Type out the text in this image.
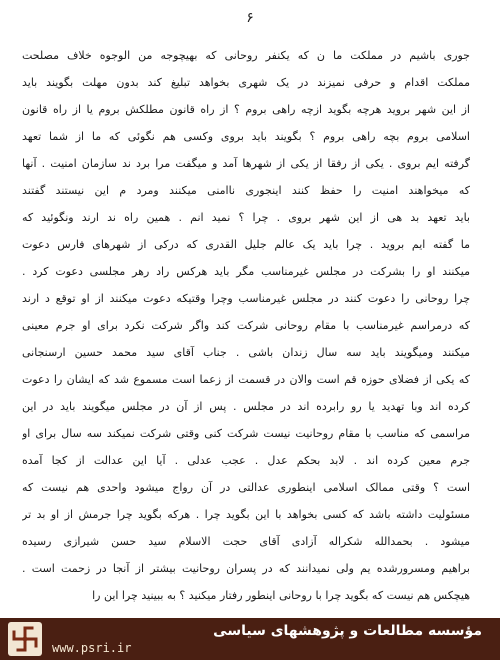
۶
جوری باشیم در مملکت ما ن که یکنفر روحانی که بهیچوجه من الوجوه خلاف مصلحت
مملکت اقدام و حرفی نمیزند در یک شهری بخواهد تبلیغ کند بدون مهلت بگویند باید
از این شهر بروید هرچه بگوید ازچه راهی بروم ؟ از راه قانون مطلکش بروم یا از راه قانون
اسلامی بروم بچه راهی بروم ؟ بگویند باید بروی وکسی هم نگوئی که ما از شما تعهد
گرفته ایم بروی . یکی از رفقا از یکی از شهرها آمد و میگفت مرا برد ند سازمان امنیت . آنها
که میخواهند امنیت را حفظ کنند اینجوری ناامنی میکنند ومرد م این نیستند گفتند
باید تعهد بد هی از این شهر بروی . چرا ؟ نمید انم . همین راه ند ارند ونگوئید که
ما گفته ایم بروید . چرا باید یک عالم جلیل القدری که درکی از شهرهای فارس دعوت
میکنند او را بشرکت در مجلس غیرمناسب مگر باید هرکس راد رهر مجلسی دعوت کرد .
چرا روحانی را دعوت کنند در مجلس غیرمناسب وچرا وقتیکه دعوت میکنند از او توقع د ارند
که درمراسم غیرمناسب با مقام روحانی شرکت کند واگر شرکت نکرد برای او جرم معینی
میکنند ومیگویند باید سه سال زندان باشی . جناب آقای سید محمد حسین ارسنجانی
که یکی از فضلای حوزه قم است والان در قسمت از زعما است مسموع شد که ایشان را دعوت
کرده اند وبا تهدید یا رو رابرده اند در مجلس . پس از آن در مجلس میگویند باید در این
مراسمی که مناسب با مقام روحانیت نیست شرکت کنی وقتی شرکت نمیکند سه سال برای او
جرم معین کرده اند . لابد بحکم عدل . عجب عدلی . آیا این عدالت از کجا آمده
است ؟ وقتی ممالک اسلامی اینطوری عدالتی در آن رواج میشود واحدی هم نیست که
مسئولیت داشته باشد که کسی بخواهد با این بگوید چرا . هرکه بگوید چرا جرمش از او بد تر
میشود . بحمدالله شکراله آزادی آقای حجت الاسلام سید حسن شیرازی رسیده
براهیم ومسرورشده یم ولی نمیدانند که در پسران روحانیت بیشتر از آنجا در زحمت است .
هیچکس هم نیست که بگوید چرا با روحانی اینطور رفتار میکنید ؟ به ببینید چرا این را
مؤسسه مطالعات و پژوهشهای سیاسی
www.psri.ir
